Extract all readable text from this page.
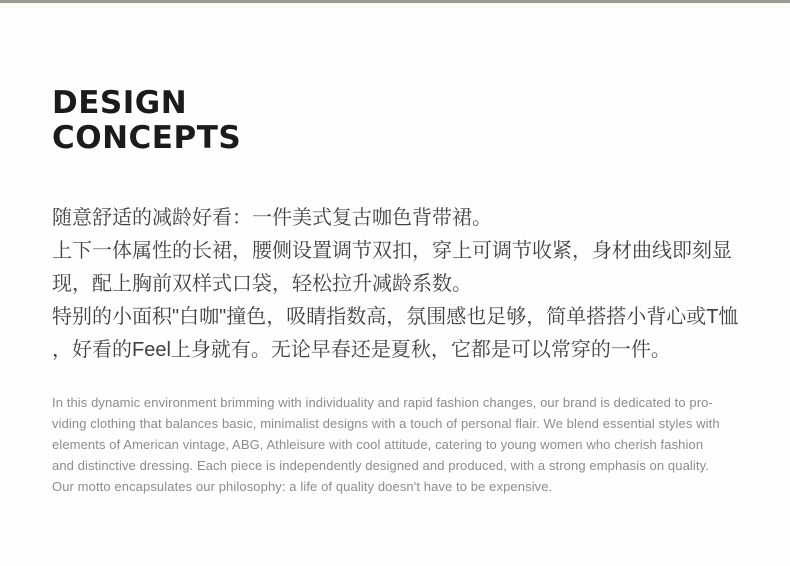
DESIGN
CONCEPTS

随意舒适的减龄好看：一件美式复古咖色背带裙。

上下一体属性的长裙，腰侧设置调节双扣，穿上可调节收紧，身材曲线即刻显

现，配上胸前双样式口袋，轻松拉升减龄系数。

特别的小面积"白咖"撞色，吸睛指数高，氛围感也足够，简单搭搭小背心或T恤

，好看的Feel上身就有。无论早春还是夏秋，它都是可以常穿的一件。

In this dynamic environment brimming with individuality and rapid fashion changes, our brand is dedicated to pro-

viding clothing that balances basic, minimalist designs with a touch of personal flair. We blend essential styles with

elements of American vintage, ABG, Athleisure with cool attitude, catering to young women who cherish fashion

and distinctive dressing. Each piece is independently designed and produced, with a strong emphasis on quality.

Our motto encapsulates our philosophy: a life of quality doesn't have to be expensive.
